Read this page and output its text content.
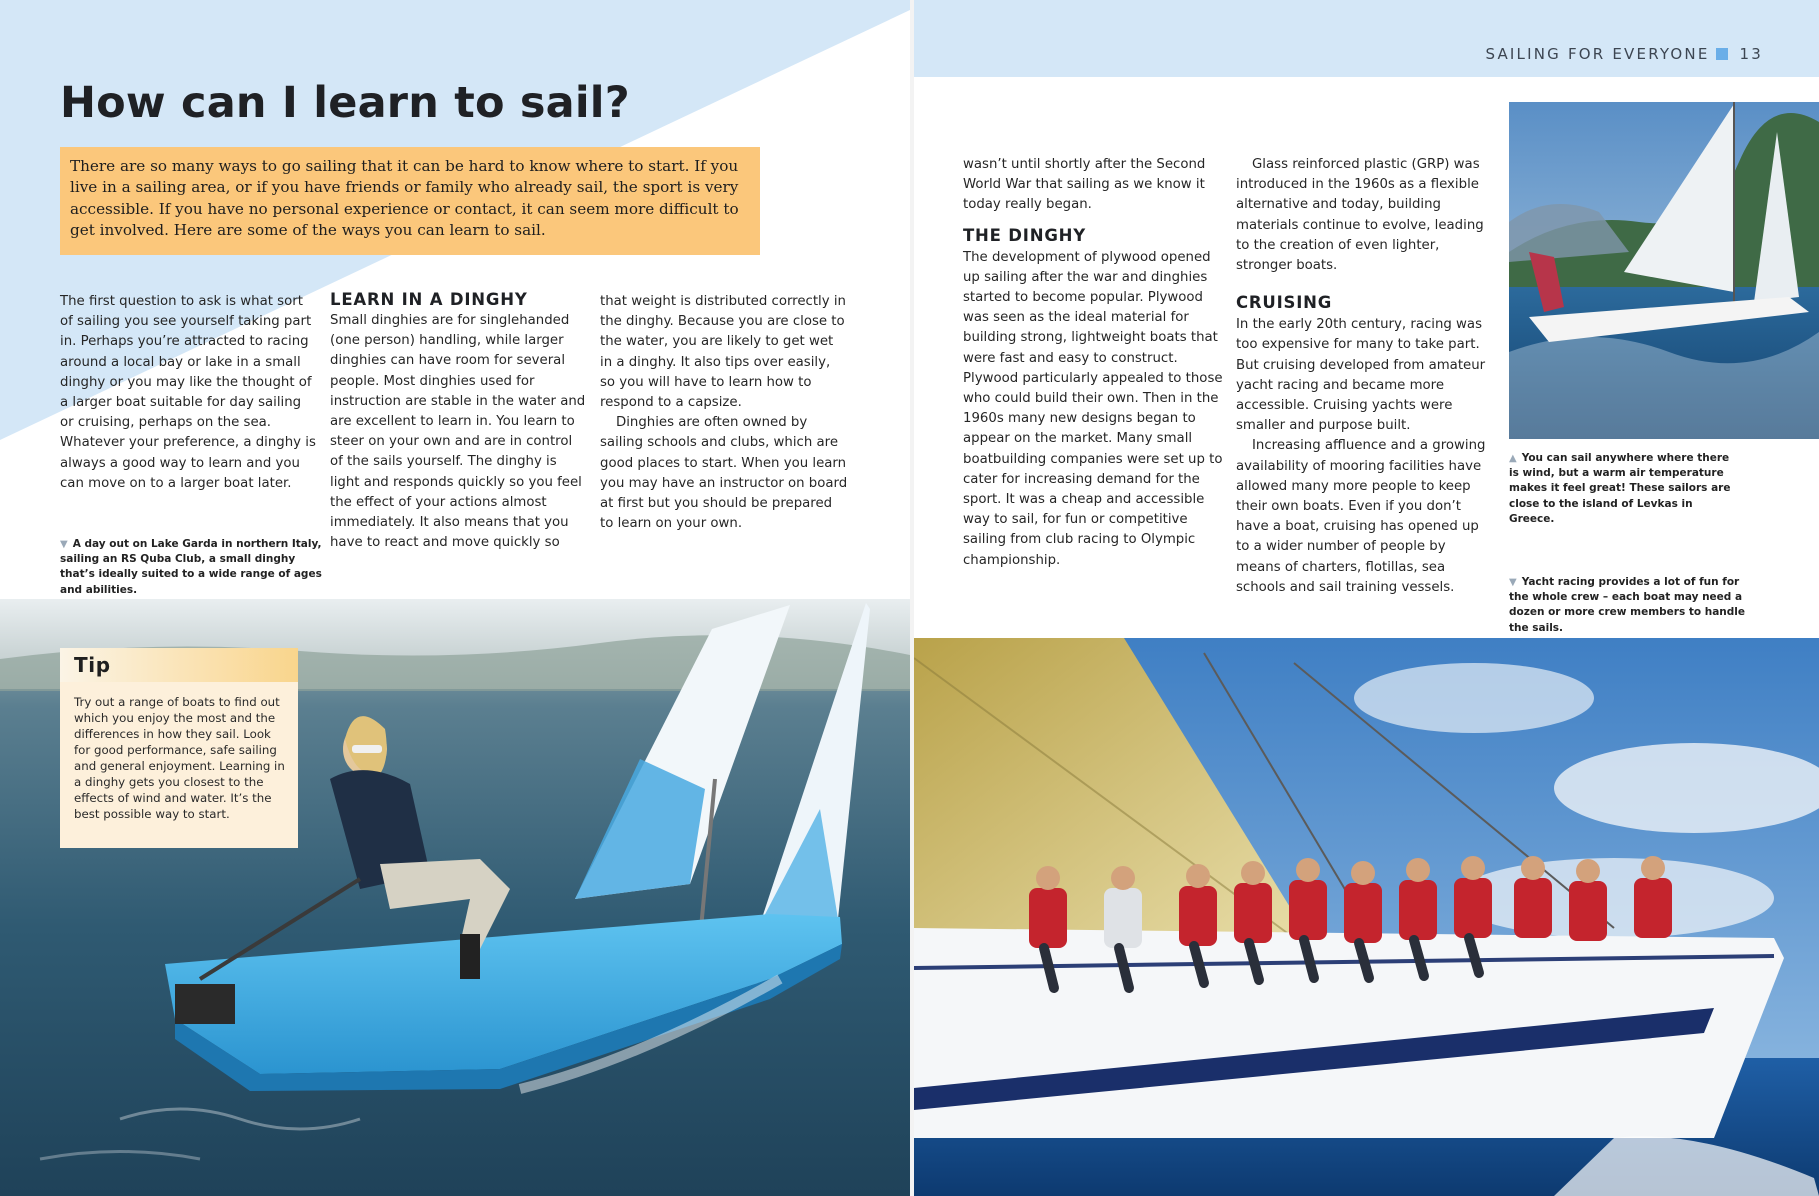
How can I learn to sail?
There are so many ways to go sailing that it can be hard to know where to start. If you live in a sailing area, or if you have friends or family who already sail, the sport is very accessible. If you have no personal experience or contact, it can seem more difficult to get involved. Here are some of the ways you can learn to sail.

The first question to ask is what sort of sailing you see yourself taking part in. Perhaps you’re attracted to racing around a local bay or lake in a small dinghy or you may like the thought of a larger boat suitable for day sailing or cruising, perhaps on the sea. Whatever your preference, a dinghy is always a good way to learn and you can move on to a larger boat later.

▼ A day out on Lake Garda in northern Italy, sailing an RS Quba Club, a small dinghy that’s ideally suited to a wide range of ages and abilities.
LEARN IN A DINGHY

Small dinghies are for singlehanded (one person) handling, while larger dinghies can have room for several people. Most dinghies used for instruction are stable in the water and are excellent to learn in. You learn to steer on your own and are in control of the sails yourself. The dinghy is light and responds quickly so you feel the effect of your actions almost immediately. It also means that you have to react and move quickly so

that weight is distributed correctly in the dinghy. Because you are close to the water, you are likely to get wet in a dinghy. It also tips over easily, so you will have to learn how to respond to a capsize.

Dinghies are often owned by sailing schools and clubs, which are good places to start. When you learn you may have an instructor on board at first but you should be prepared to learn on your own.

Tip
Try out a range of boats to find out which you enjoy the most and the differences in how they sail. Look for good performance, safe sailing and general enjoyment. Learning in a dinghy gets you closest to the effects of wind and water. It’s the best possible way to start.
SAILING FOR EVERYONE 13

wasn’t until shortly after the Second World War that sailing as we know it today really began.

THE DINGHY

The development of plywood opened up sailing after the war and dinghies started to become popular. Plywood was seen as the ideal material for building strong, lightweight boats that were fast and easy to construct. Plywood particularly appealed to those who could build their own. Then in the 1960s many new designs began to appear on the market. Many small boatbuilding companies were set up to cater for increasing demand for the sport. It was a cheap and accessible way to sail, for fun or competitive sailing from club racing to Olympic championship.

Glass reinforced plastic (GRP) was introduced in the 1960s as a flexible alternative and today, building materials continue to evolve, leading to the creation of even lighter, stronger boats.

CRUISING

In the early 20th century, racing was too expensive for many to take part. But cruising developed from amateur yacht racing and became more accessible. Cruising yachts were smaller and purpose built.

Increasing affluence and a growing availability of mooring facilities have allowed many more people to keep their own boats. Even if you don’t have a boat, cruising has opened up to a wider number of people by means of charters, flotillas, sea schools and sail training vessels.

▲ You can sail anywhere where there is wind, but a warm air temperature makes it feel great! These sailors are close to the island of Levkas in Greece.
▼ Yacht racing provides a lot of fun for the whole crew – each boat may need a dozen or more crew members to handle the sails.
